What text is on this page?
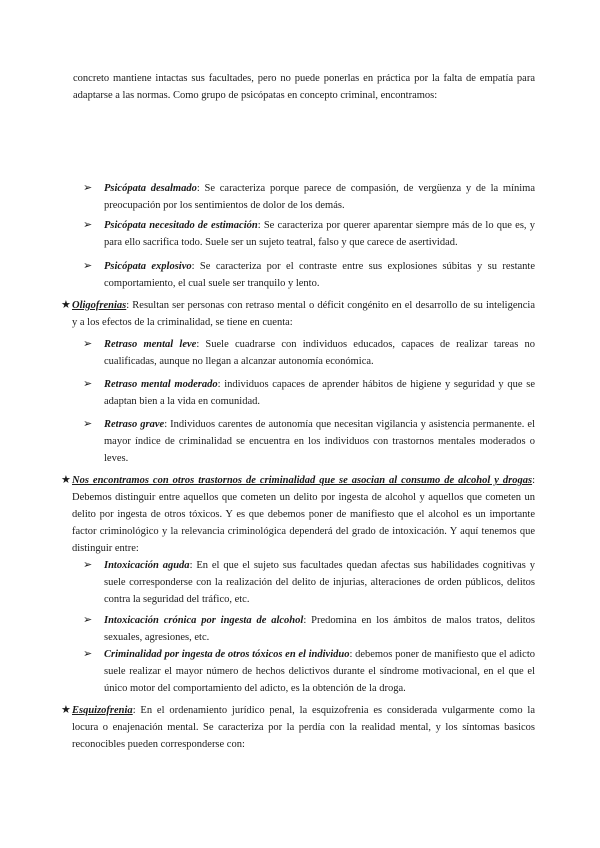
concreto mantiene intactas sus facultades, pero no puede ponerlas en práctica por la falta de empatía para adaptarse a las normas. Como grupo de psicópatas en concepto criminal, encontramos:

➢	Psicópata desalmado: Se caracteriza porque parece de compasión, de vergüenza y de la mínima preocupación por los sentimientos de dolor de los demás.
➢	Psicópata necesitado de estimación: Se caracteriza por querer aparentar siempre más de lo que es, y para ello sacrifica todo. Suele ser un sujeto teatral, falso y que carece de asertividad.
➢	Psicópata explosivo: Se caracteriza por el contraste entre sus explosiones súbitas y su restante comportamiento, el cual suele ser tranquilo y lento.
★ Oligofrenias: Resultan ser personas con retraso mental o déficit congénito en el desarrollo de su inteligencia y a los efectos de la criminalidad, se tiene en cuenta:
➢	Retraso mental leve: Suele cuadrarse con individuos educados, capaces de realizar tareas no cualificadas, aunque no llegan a alcanzar autonomía económica.
➢	Retraso mental moderado: individuos capaces de aprender hábitos de higiene y seguridad y que se adaptan bien a la vida en comunidad.
➢	Retraso grave: Individuos carentes de autonomía que necesitan vigilancia y asistencia permanente. el mayor índice de criminalidad se encuentra en los individuos con trastornos mentales moderados o leves.
★ Nos encontramos con otros trastornos de criminalidad que se asocian al consumo de alcohol y drogas: Debemos distinguir entre aquellos que cometen un delito por ingesta de alcohol y aquellos que cometen un delito por ingesta de otros tóxicos. Y es que debemos poner de manifiesto que el alcohol es un importante factor criminológico y la relevancia criminológica dependerá del grado de intoxicación. Y aquí tenemos que distinguir entre:
➢	Intoxicación aguda: En el que el sujeto sus facultades quedan afectas sus habilidades cognitivas y suele corresponderse con la realización del delito de injurias, alteraciones de orden públicos, delitos contra la seguridad del tráfico, etc.
➢	Intoxicación crónica por ingesta de alcohol: Predomina en los ámbitos de malos tratos, delitos sexuales, agresiones, etc.
➢	Criminalidad por ingesta de otros tóxicos en el individuo: debemos poner de manifiesto que el adicto suele realizar el mayor número de hechos delictivos durante el síndrome motivacional, en el que el único motor del comportamiento del adicto, es la obtención de la droga.
★ Esquizofrenia: En el ordenamiento jurídico penal, la esquizofrenia es considerada vulgarmente como la locura o enajenación mental. Se caracteriza por la perdía con la realidad mental, y los síntomas basicos reconocibles pueden corresponderse con:
